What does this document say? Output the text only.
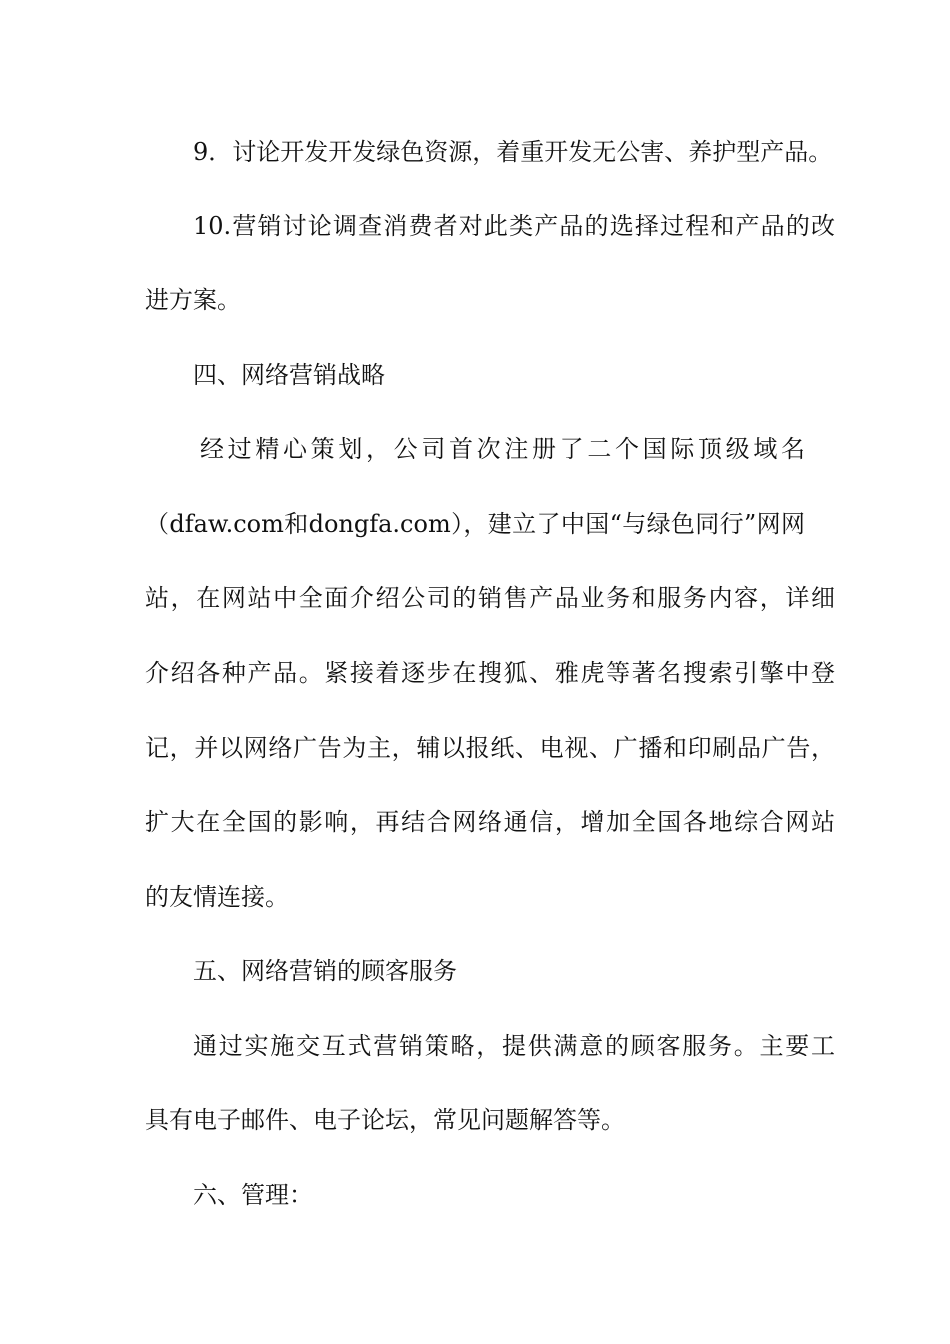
9．讨论开发开发绿色资源，着重开发无公害、养护型产品。
10.营销讨论调查消费者对此类产品的选择过程和产品的改
进方案。
四、网络营销战略
经过精心策划，公司首次注册了二个国际顶级域名
（dfaw.com和dongfa.com），建立了中国“与绿色同行”网网
站，在网站中全面介绍公司的销售产品业务和服务内容，详细
介绍各种产品。紧接着逐步在搜狐、雅虎等著名搜索引擎中登
记，并以网络广告为主，辅以报纸、电视、广播和印刷品广告，
扩大在全国的影响，再结合网络通信，增加全国各地综合网站
的友情连接。
五、网络营销的顾客服务
通过实施交互式营销策略，提供满意的顾客服务。主要工
具有电子邮件、电子论坛，常见问题解答等。
六、管理：
